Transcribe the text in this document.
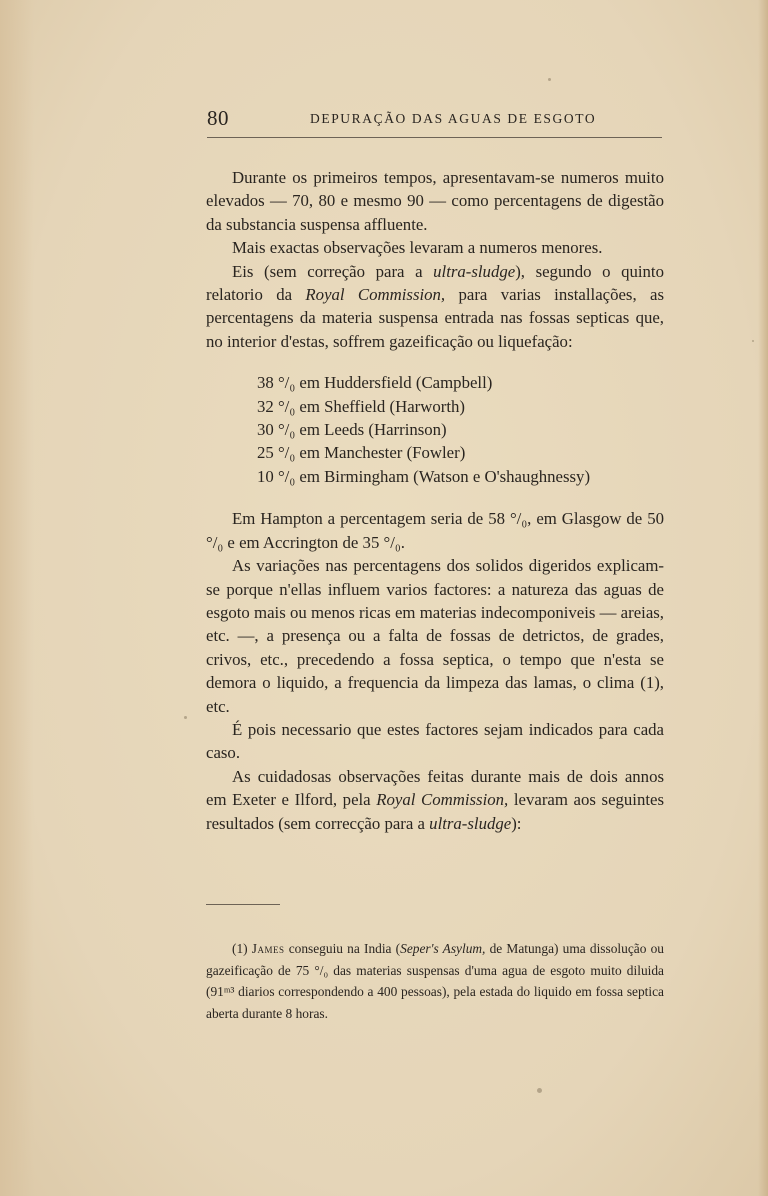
80	DEPURAÇÃO DAS AGUAS DE ESGOTO

Durante os primeiros tempos, apresentavam-se numeros muito elevados — 70, 80 e mesmo 90 — como percentagens de digestão da substancia suspensa affluente.

Mais exactas observações levaram a numeros menores.

Eis (sem correção para a ultra-sludge), segundo o quinto relatorio da Royal Commission, para varias installações, as percentagens da materia suspensa entrada nas fossas septicas que, no interior d'estas, soffrem gazeificação ou liquefação:

38 °/₀ em Huddersfield (Campbell)
32 °/₀ em Sheffield (Harworth)
30 °/₀ em Leeds (Harrinson)
25 °/₀ em Manchester (Fowler)
10 °/₀ em Birmingham (Watson e O'shaughnessy)

Em Hampton a percentagem seria de 58 °/₀, em Glasgow de 50 °/₀ e em Accrington de 35 °/₀.

As variações nas percentagens dos solidos digeridos explicam-se porque n'ellas influem varios factores: a natureza das aguas de esgoto mais ou menos ricas em materias indecomponiveis — areias, etc. —, a presença ou a falta de fossas de detrictos, de grades, crivos, etc., precedendo a fossa septica, o tempo que n'esta se demora o liquido, a frequencia da limpeza das lamas, o clima (1), etc.

É pois necessario que estes factores sejam indicados para cada caso.

As cuidadosas observações feitas durante mais de dois annos em Exeter e Ilford, pela Royal Commission, levaram aos seguintes resultados (sem correcção para a ultra-sludge):

(1) James conseguiu na India (Seper's Asylum, de Matunga) uma dissolução ou gazeificação de 75 °/₀ das materias suspensas d'uma agua de esgoto muito diluida (91ᵐ³ diarios correspondendo a 400 pessoas), pela estada do liquido em fossa septica aberta durante 8 horas.
